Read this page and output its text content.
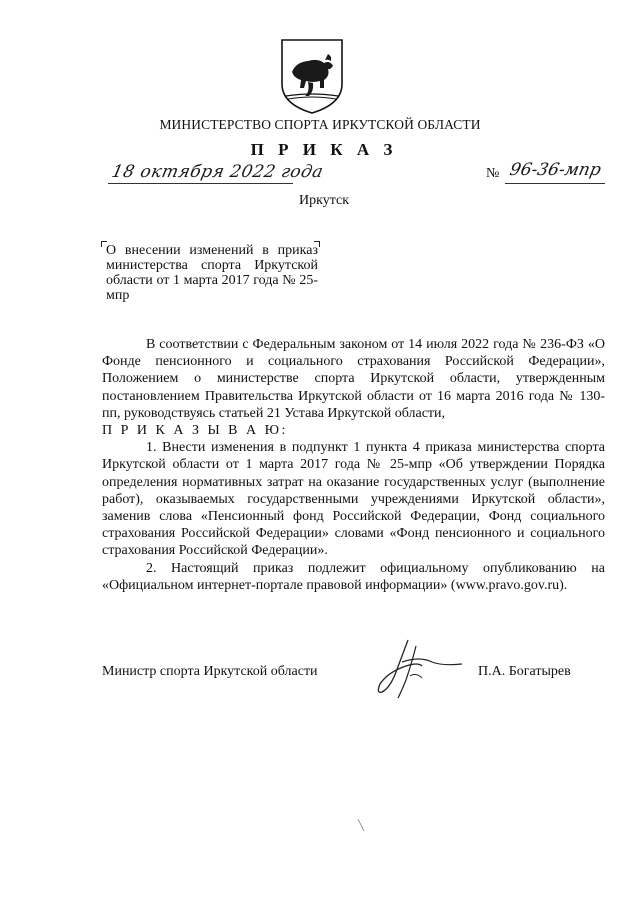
МИНИСТЕРСТВО СПОРТА ИРКУТСКОЙ ОБЛАСТИ
П Р И К А З
18 октября 2022 года	№ 96-36-мпр
Иркутск
О внесении изменений в приказ министерства спорта Иркутской области от 1 марта 2017 года № 25-мпр

В соответствии с Федеральным законом от 14 июля 2022 года № 236-ФЗ «О Фонде пенсионного и социального страхования Российской Федерации», Положением о министерстве спорта Иркутской области, утвержденным постановлением Правительства Иркутской области от 16 марта 2016 года № 130-пп, руководствуясь статьей 21 Устава Иркутской области,

П Р И К А З Ы В А Ю:

1. Внести изменения в подпункт 1 пункта 4 приказа министерства спорта Иркутской области от 1 марта 2017 года № 25-мпр «Об утверждении Порядка определения нормативных затрат на оказание государственных услуг (выполнение работ), оказываемых государственными учреждениями Иркутской области», заменив слова «Пенсионный фонд Российской Федерации, Фонд социального страхования Российской Федерации» словами «Фонд пенсионного и социального страхования Российской Федерации».

2. Настоящий приказ подлежит официальному опубликованию на «Официальном интернет-портале правовой информации» (www.pravo.gov.ru).

Министр спорта Иркутской области	П.А. Богатырев
